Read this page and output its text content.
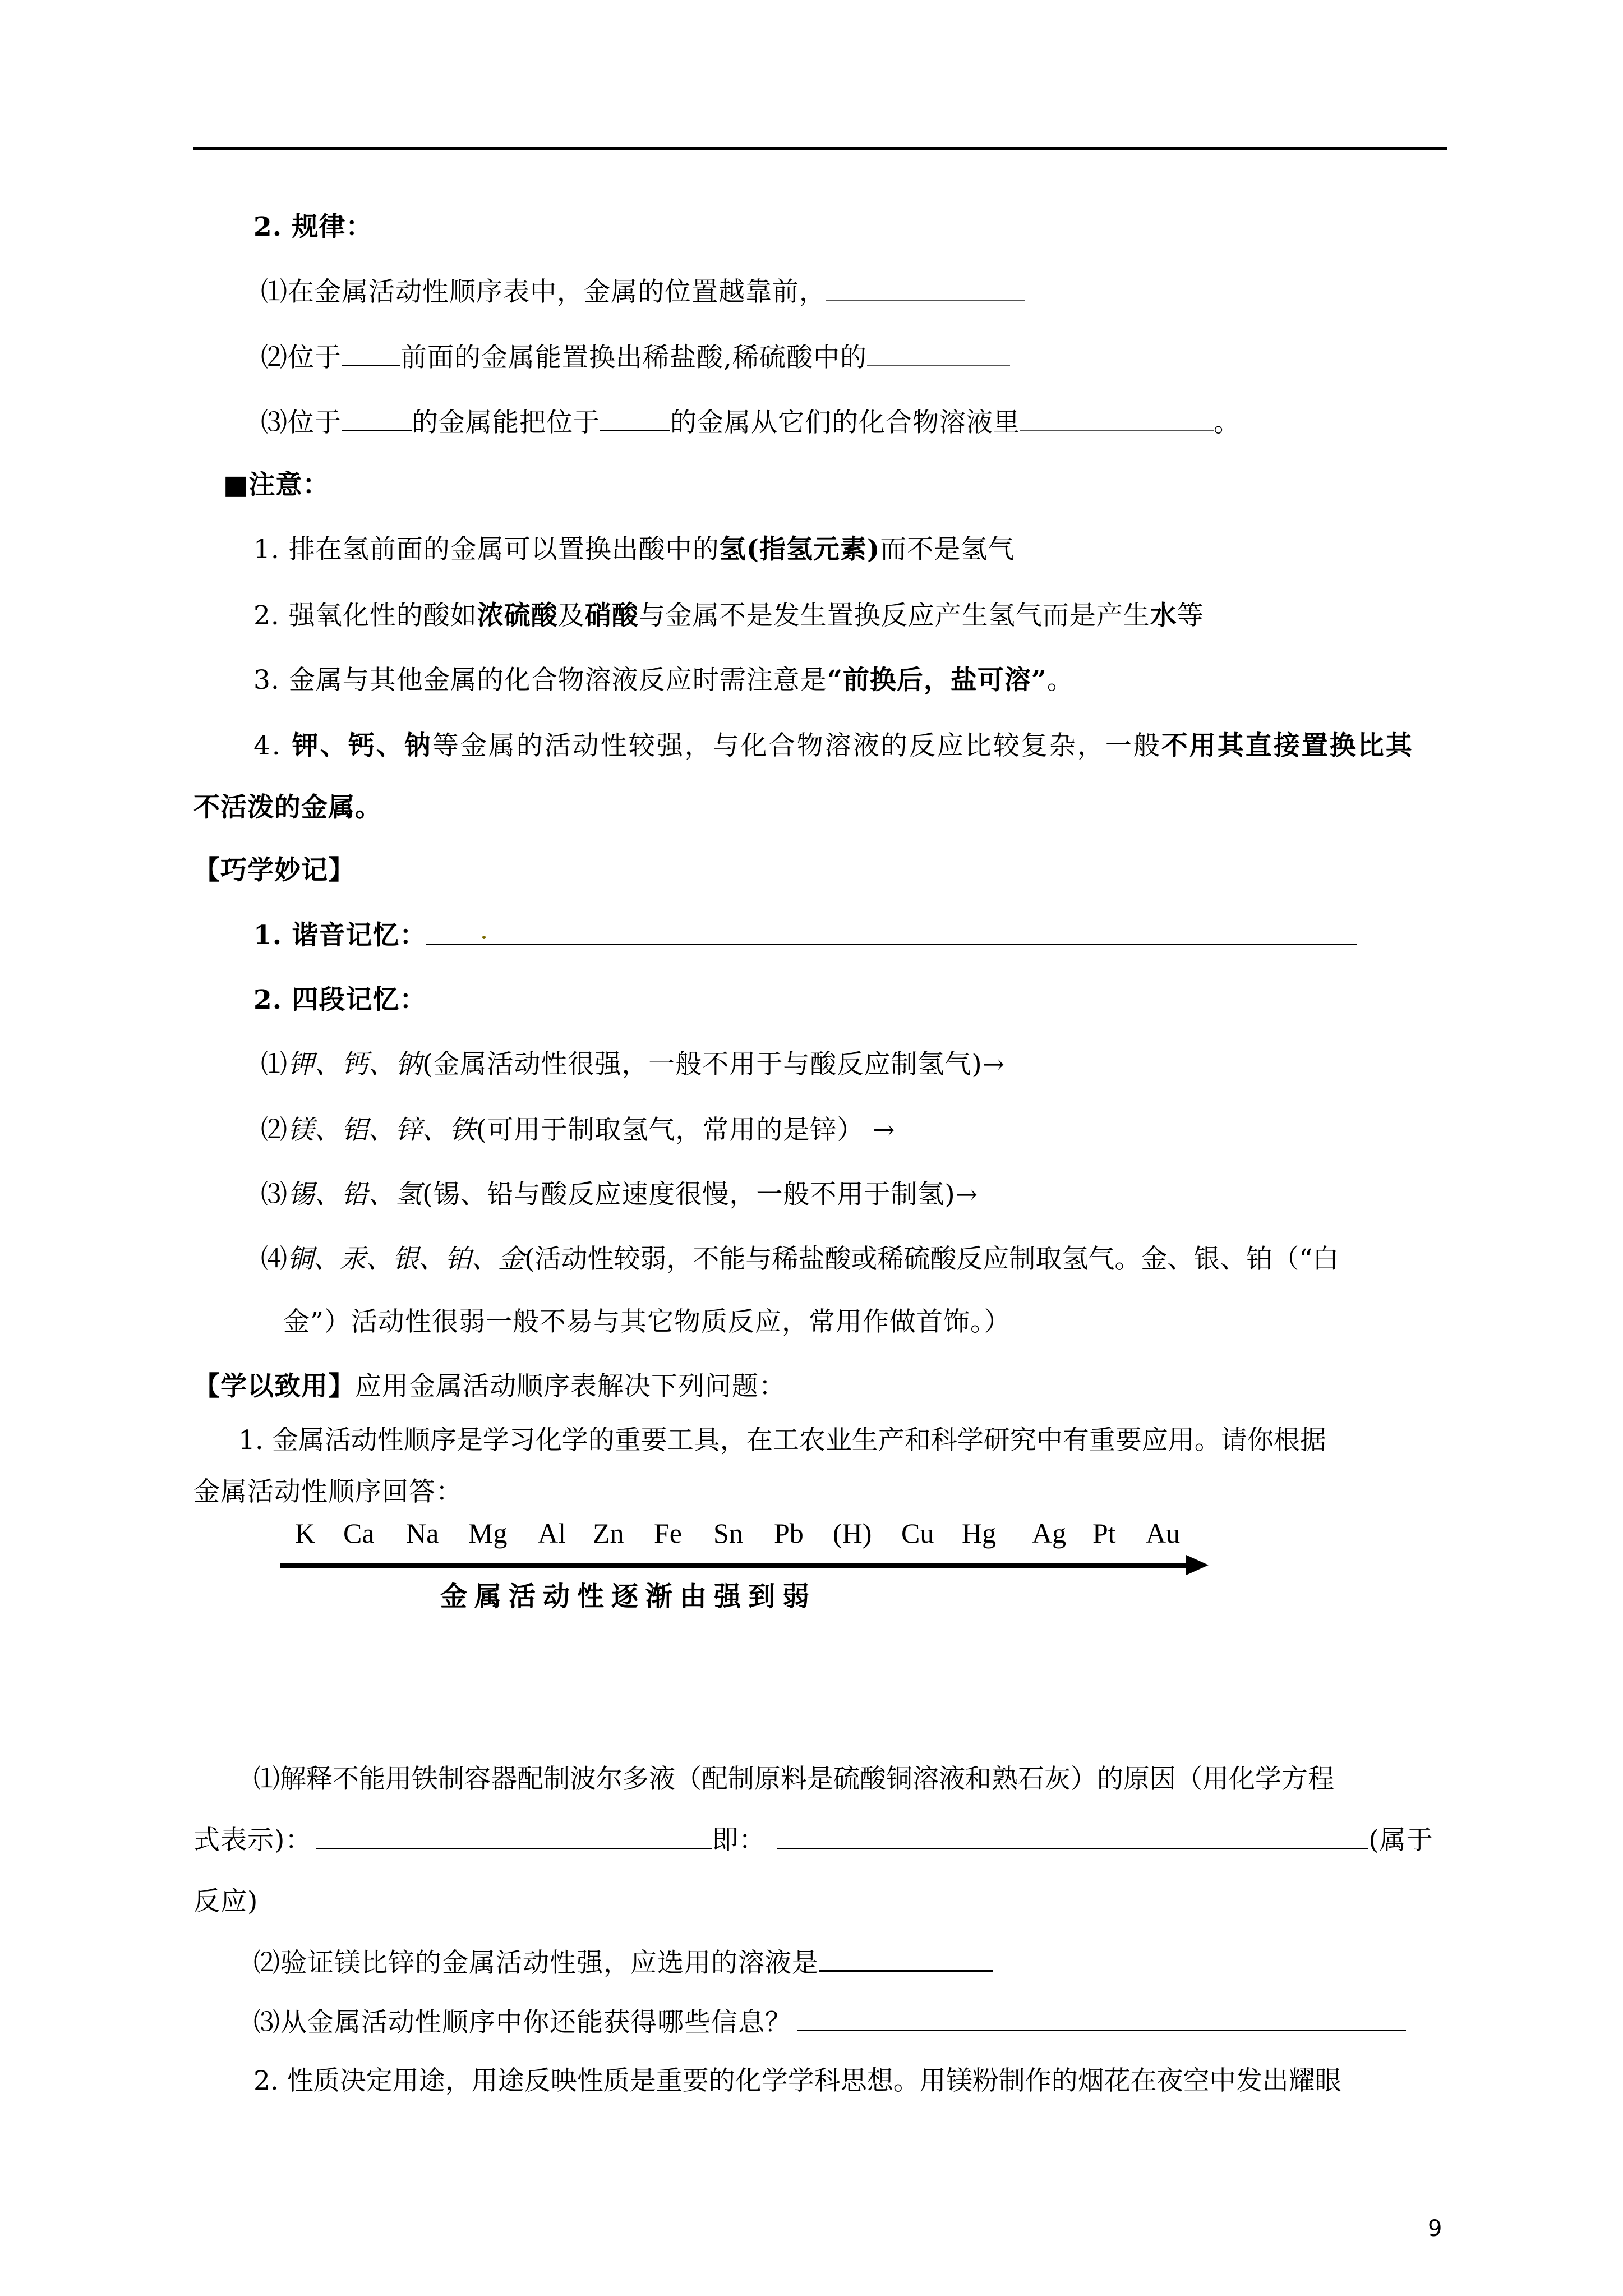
2. 规律：
⑴在金属活动性顺序表中，金属的位置越靠前，
⑵位于 前面的金属能置换出稀盐酸,稀硫酸中的
⑶位于	的金属能把位于	的金属从它们的化合物溶液里	。
■注意：
1. 排在氢前面的金属可以置换出酸中的氢(指氢元素)而不是氢气
2. 强氧化性的酸如浓硫酸及硝酸与金属不是发生置换反应产生氢气而是产生水等
3. 金属与其他金属的化合物溶液反应时需注意是“前换后，盐可溶”。
4. 钾、钙、钠等金属的活动性较强，与化合物溶液的反应比较复杂，一般不用其直接置换比其
不活泼的金属。
【巧学妙记】
1. 谐音记忆：
2. 四段记忆：
⑴钾、钙、钠(金属活动性很强，一般不用于与酸反应制氢气)→
⑵镁、铝、锌、铁(可用于制取氢气，常用的是锌） →
⑶锡、铅、氢(锡、铅与酸反应速度很慢，一般不用于制氢)→
⑷铜、汞、银、铂、金(活动性较弱，不能与稀盐酸或稀硫酸反应制取氢气。金、银、铂（“白
金”）活动性很弱一般不易与其它物质反应，常用作做首饰。）
【学以致用】应用金属活动顺序表解决下列问题：
1. 金属活动性顺序是学习化学的重要工具，在工农业生产和科学研究中有重要应用。请你根据
金属活动性顺序回答：
K Ca Na Mg Al Zn Fe Sn Pb (H) Cu Hg Ag Pt Au
金属活动性逐渐由强到弱
⑴解释不能用铁制容器配制波尔多液（配制原料是硫酸铜溶液和熟石灰）的原因（用化学方程
式表示)：	即：	(属于
反应)
⑵验证镁比锌的金属活动性强，应选用的溶液是
⑶从金属活动性顺序中你还能获得哪些信息？
2. 性质决定用途，用途反映性质是重要的化学学科思想。用镁粉制作的烟花在夜空中发出耀眼
9
